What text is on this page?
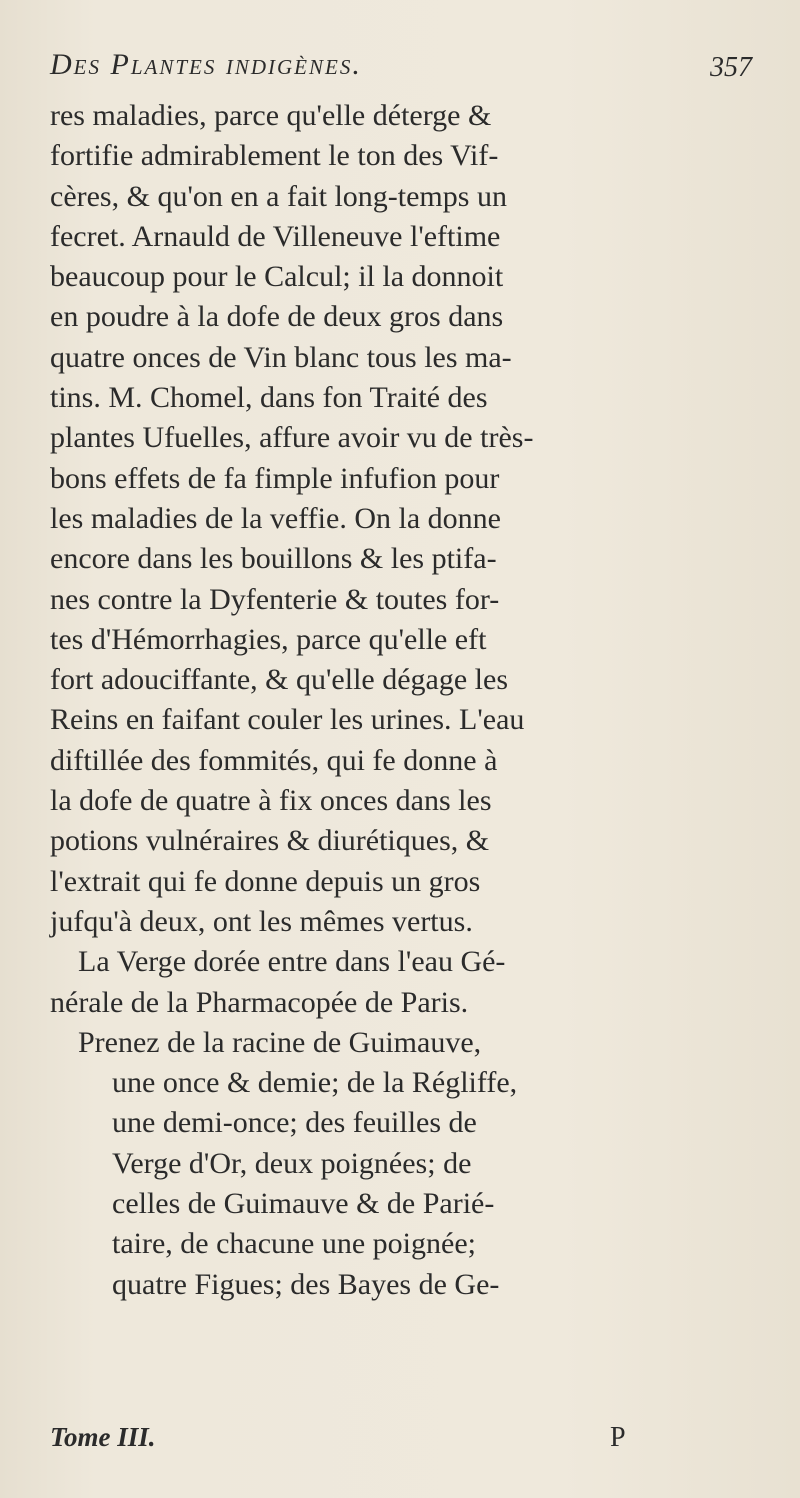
Des Plantes indigènes.	357
res maladies, parce qu'elle déterge &
fortifie admirablement le ton des Vif-
cères, & qu'on en a fait long-temps un
fecret. Arnauld de Villeneuve l'eftime
beaucoup pour le Calcul; il la donnoit
en poudre à la dofe de deux gros dans
quatre onces de Vin blanc tous les ma-
tins. M. Chomel, dans fon Traité des
plantes Ufuelles, affure avoir vu de très-
bons effets de fa fimple infufion pour
les maladies de la veffie. On la donne
encore dans les bouillons & les ptifa-
nes contre la Dyfenterie & toutes for-
tes d'Hémorrhagies, parce qu'elle eft
fort adouciffante, & qu'elle dégage les
Reins en faifant couler les urines. L'eau
diftillée des fommités, qui fe donne à
la dofe de quatre à fix onces dans les
potions vulnéraires & diurétiques, &
l'extrait qui fe donne depuis un gros
jufqu'à deux, ont les mêmes vertus.
La Verge dorée entre dans l'eau Gé-
nérale de la Pharmacopée de Paris.
Prenez de la racine de Guimauve,
une once & demie; de la Régliffe,
une demi-once; des feuilles de
Verge d'Or, deux poignées; de
celles de Guimauve & de Parié-
taire, de chacune une poignée;
quatre Figues; des Bayes de Ge-
Tome III.	P
